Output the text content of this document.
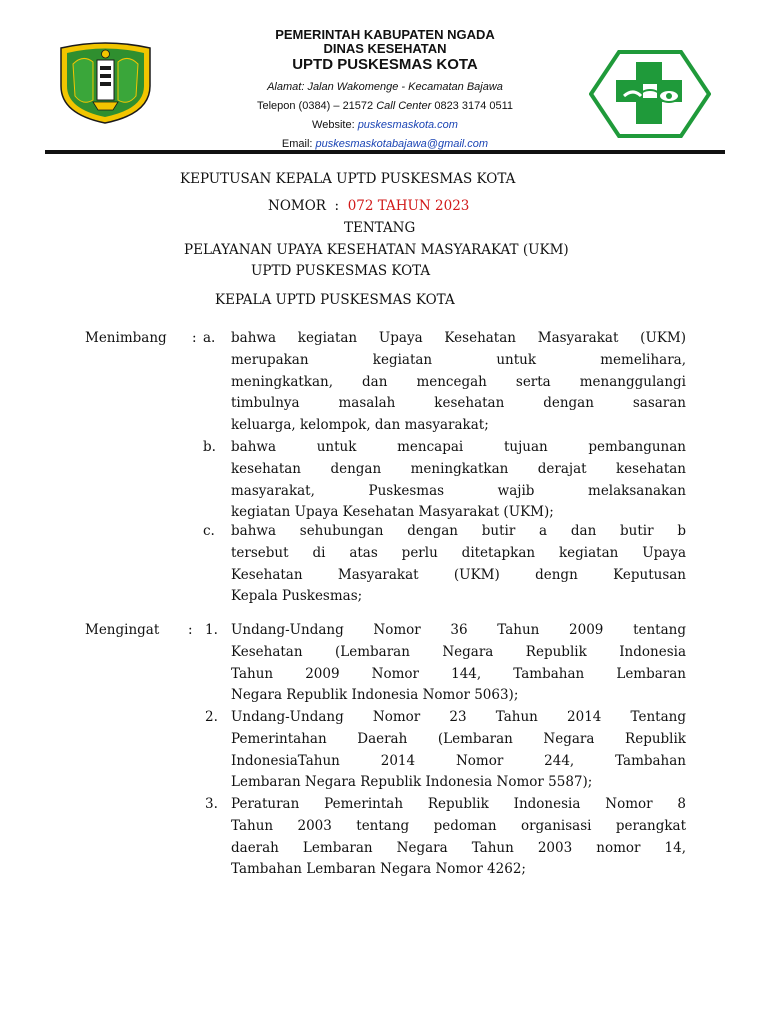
PEMERINTAH KABUPATEN NGADA
DINAS KESEHATAN
UPTD PUSKESMAS KOTA
Alamat: Jalan Wakomenge - Kecamatan Bajawa
Telepon (0384) – 21572 Call Center 0823 3174 0511
Website: puskesmaskota.com
Email: puskesmaskotabajawa@gmail.com
KEPUTUSAN KEPALA UPTD PUSKESMAS KOTA
NOMOR : 072 TAHUN 2023
TENTANG
PELAYANAN UPAYA KESEHATAN MASYARAKAT (UKM)
UPTD PUSKESMAS KOTA
KEPALA UPTD PUSKESMAS KOTA
Menimbang : a. bahwa kegiatan Upaya Kesehatan Masyarakat (UKM)
merupakan kegiatan untuk memelihara,
meningkatkan, dan mencegah serta menanggulangi
timbulnya masalah kesehatan dengan sasaran
keluarga, kelompok, dan masyarakat;
b. bahwa untuk mencapai tujuan pembangunan
kesehatan dengan meningkatkan derajat kesehatan
masyarakat, Puskesmas wajib melaksanakan
kegiatan Upaya Kesehatan Masyarakat (UKM);
c. bahwa sehubungan dengan butir a dan butir b
tersebut di atas perlu ditetapkan kegiatan Upaya
Kesehatan Masyarakat (UKM) dengn Keputusan
Kepala Puskesmas;
Mengingat : 1. Undang-Undang Nomor 36 Tahun 2009 tentang
Kesehatan (Lembaran Negara Republik Indonesia
Tahun 2009 Nomor 144, Tambahan Lembaran
Negara Republik Indonesia Nomor 5063);
2. Undang-Undang Nomor 23 Tahun 2014 Tentang
Pemerintahan Daerah (Lembaran Negara Republik
IndonesiaTahun 2014 Nomor 244, Tambahan
Lembaran Negara Republik Indonesia Nomor 5587);
3. Peraturan Pemerintah Republik Indonesia Nomor 8
Tahun 2003 tentang pedoman organisasi perangkat
daerah Lembaran Negara Tahun 2003 nomor 14,
Tambahan Lembaran Negara Nomor 4262;
